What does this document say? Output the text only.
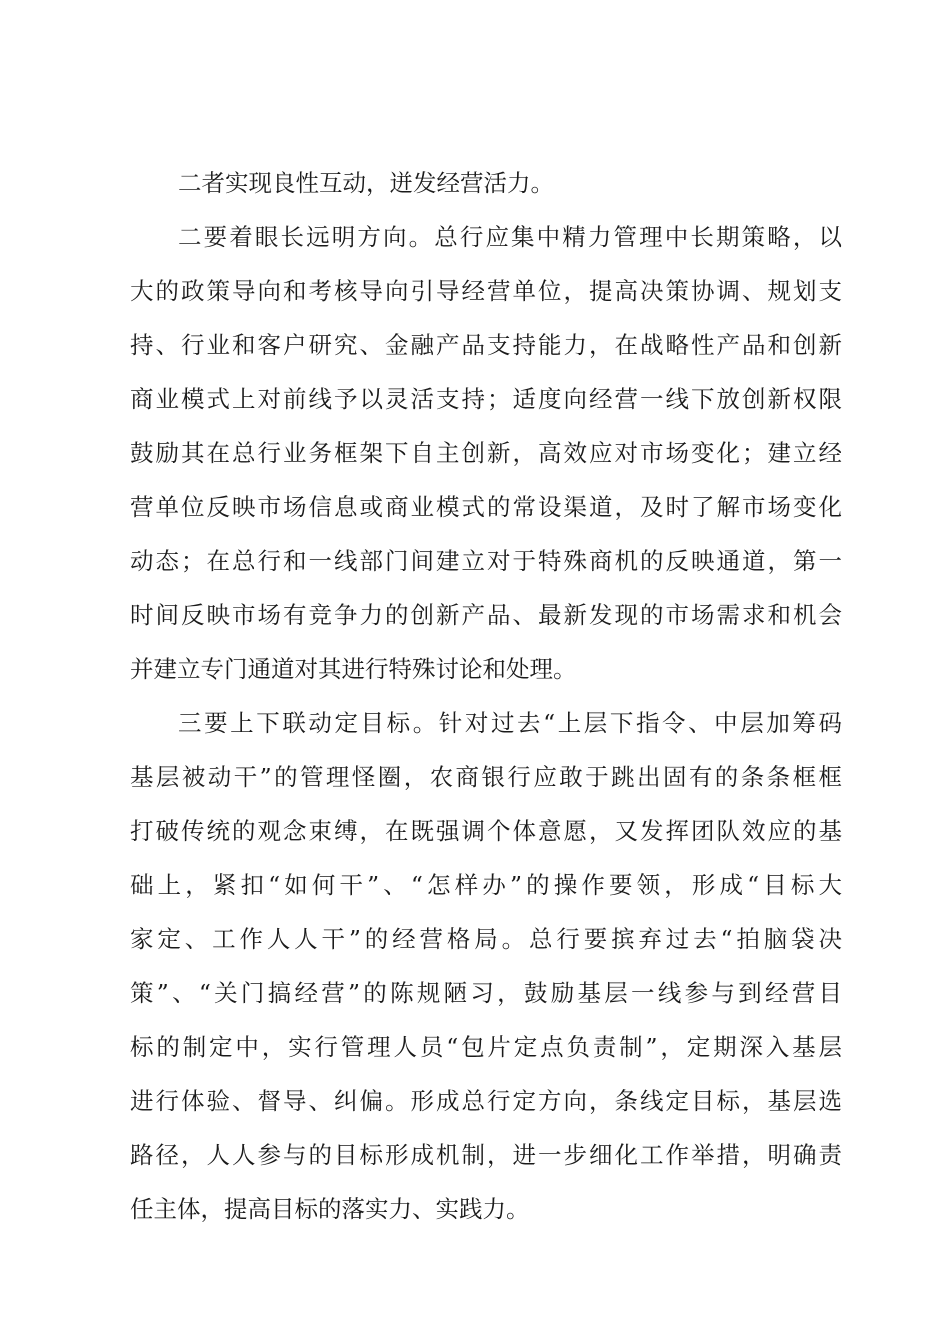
二者实现良性互动，迸发经营活力。
二要着眼长远明方向。总行应集中精力管理中长期策略，以
大的政策导向和考核导向引导经营单位，提高决策协调、规划支
持、行业和客户研究、金融产品支持能力，在战略性产品和创新
商业模式上对前线予以灵活支持；适度向经营一线下放创新权限
鼓励其在总行业务框架下自主创新，高效应对市场变化；建立经
营单位反映市场信息或商业模式的常设渠道，及时了解市场变化
动态；在总行和一线部门间建立对于特殊商机的反映通道，第一
时间反映市场有竞争力的创新产品、最新发现的市场需求和机会
并建立专门通道对其进行特殊讨论和处理。
三要上下联动定目标。针对过去“上层下指令、中层加筹码
基层被动干”的管理怪圈，农商银行应敢于跳出固有的条条框框
打破传统的观念束缚，在既强调个体意愿，又发挥团队效应的基
础上，紧扣“如何干”、“怎样办”的操作要领，形成“目标大
家定、工作人人干”的经营格局。总行要摈弃过去“拍脑袋决
策”、“关门搞经营”的陈规陋习，鼓励基层一线参与到经营目
标的制定中，实行管理人员“包片定点负责制”，定期深入基层
进行体验、督导、纠偏。形成总行定方向，条线定目标，基层选
路径，人人参与的目标形成机制，进一步细化工作举措，明确责
任主体，提高目标的落实力、实践力。
